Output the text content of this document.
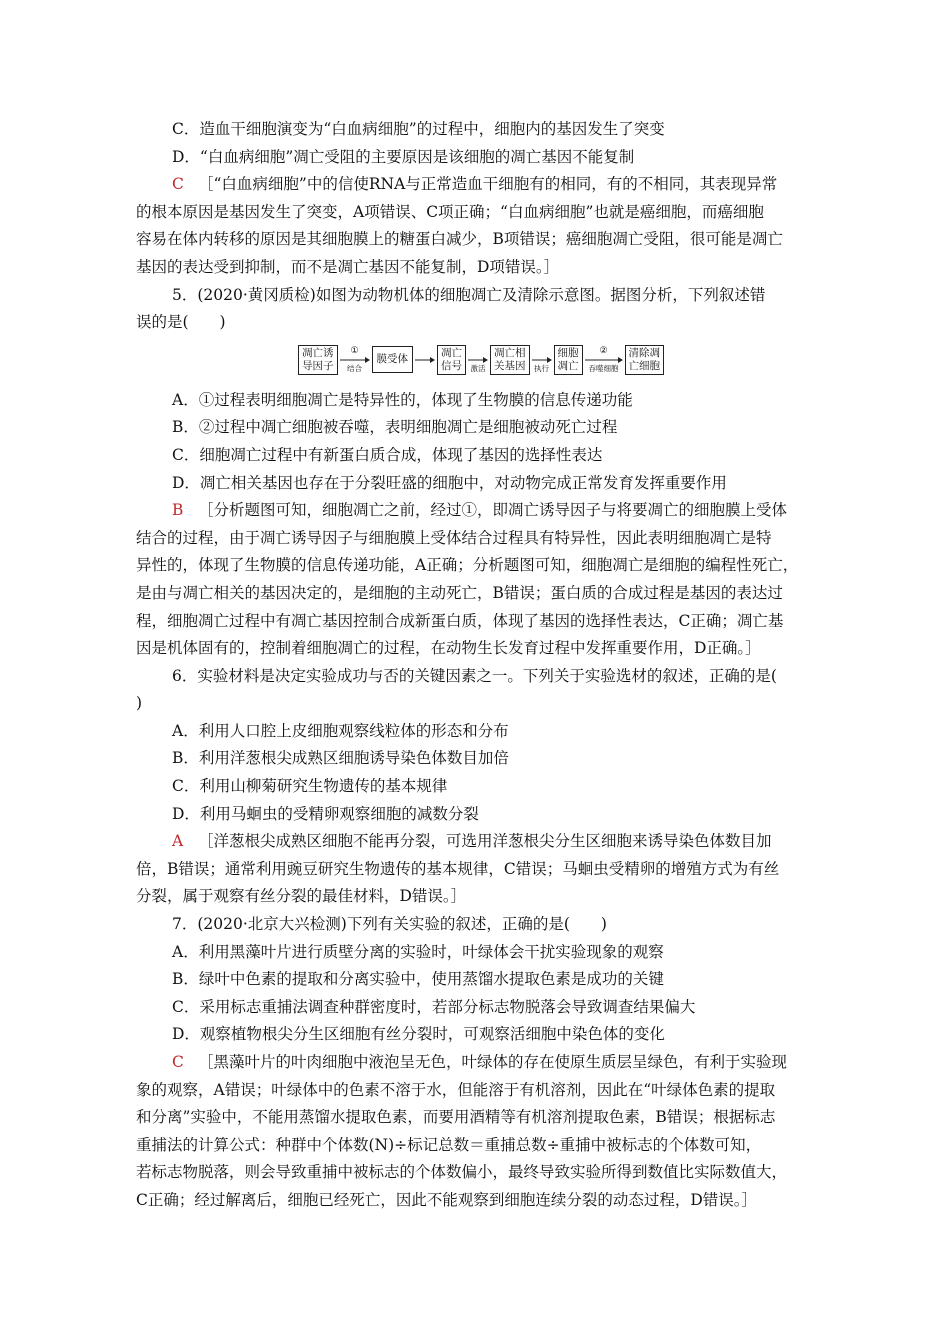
C．造血干细胞演变为“白血病细胞”的过程中，细胞内的基因发生了突变
D．“白血病细胞”凋亡受阻的主要原因是该细胞的凋亡基因不能复制
C ［“白血病细胞”中的信使RNA与正常造血干细胞有的相同，有的不相同，其表现异常
的根本原因是基因发生了突变，A项错误、C项正确；“白血病细胞”也就是癌细胞，而癌细胞
容易在体内转移的原因是其细胞膜上的糖蛋白减少，B项错误；癌细胞凋亡受阻，很可能是凋亡
基因的表达受到抑制，而不是凋亡基因不能复制，D项错误。］
5．(2020·黄冈质检)如图为动物机体的细胞凋亡及清除示意图。据图分析，下列叙述错
误的是(　　)
凋亡诱
导因子
①
结合
膜受体
凋亡
信号 激活
凋亡相
关基因 执行
细胞
凋亡
②
吞噬细胞
清除凋
亡细胞
A．①过程表明细胞凋亡是特异性的，体现了生物膜的信息传递功能
B．②过程中凋亡细胞被吞噬，表明细胞凋亡是细胞被动死亡过程
C．细胞凋亡过程中有新蛋白质合成，体现了基因的选择性表达
D．凋亡相关基因也存在于分裂旺盛的细胞中，对动物完成正常发育发挥重要作用
B ［分析题图可知，细胞凋亡之前，经过①，即凋亡诱导因子与将要凋亡的细胞膜上受体
结合的过程，由于凋亡诱导因子与细胞膜上受体结合过程具有特异性，因此表明细胞凋亡是特
异性的，体现了生物膜的信息传递功能，A正确；分析题图可知，细胞凋亡是细胞的编程性死亡，
是由与凋亡相关的基因决定的，是细胞的主动死亡，B错误；蛋白质的合成过程是基因的表达过
程，细胞凋亡过程中有凋亡基因控制合成新蛋白质，体现了基因的选择性表达，C正确；凋亡基
因是机体固有的，控制着细胞凋亡的过程，在动物生长发育过程中发挥重要作用，D正确。］
6．实验材料是决定实验成功与否的关键因素之一。下列关于实验选材的叙述，正确的是(
)
A．利用人口腔上皮细胞观察线粒体的形态和分布
B．利用洋葱根尖成熟区细胞诱导染色体数目加倍
C．利用山柳菊研究生物遗传的基本规律
D．利用马蛔虫的受精卵观察细胞的减数分裂
A ［洋葱根尖成熟区细胞不能再分裂，可选用洋葱根尖分生区细胞来诱导染色体数目加
倍，B错误；通常利用豌豆研究生物遗传的基本规律，C错误；马蛔虫受精卵的增殖方式为有丝
分裂，属于观察有丝分裂的最佳材料，D错误。］
7．(2020·北京大兴检测)下列有关实验的叙述，正确的是(　　)
A．利用黑藻叶片进行质壁分离的实验时，叶绿体会干扰实验现象的观察
B．绿叶中色素的提取和分离实验中，使用蒸馏水提取色素是成功的关键
C．采用标志重捕法调查种群密度时，若部分标志物脱落会导致调查结果偏大
D．观察植物根尖分生区细胞有丝分裂时，可观察活细胞中染色体的变化
C ［黑藻叶片的叶肉细胞中液泡呈无色，叶绿体的存在使原生质层呈绿色，有利于实验现
象的观察，A错误；叶绿体中的色素不溶于水，但能溶于有机溶剂，因此在“叶绿体色素的提取
和分离”实验中，不能用蒸馏水提取色素，而要用酒精等有机溶剂提取色素，B错误；根据标志
重捕法的计算公式：种群中个体数(N)÷标记总数＝重捕总数÷重捕中被标志的个体数可知，
若标志物脱落，则会导致重捕中被标志的个体数偏小，最终导致实验所得到数值比实际数值大，
C正确；经过解离后，细胞已经死亡，因此不能观察到细胞连续分裂的动态过程，D错误。］
